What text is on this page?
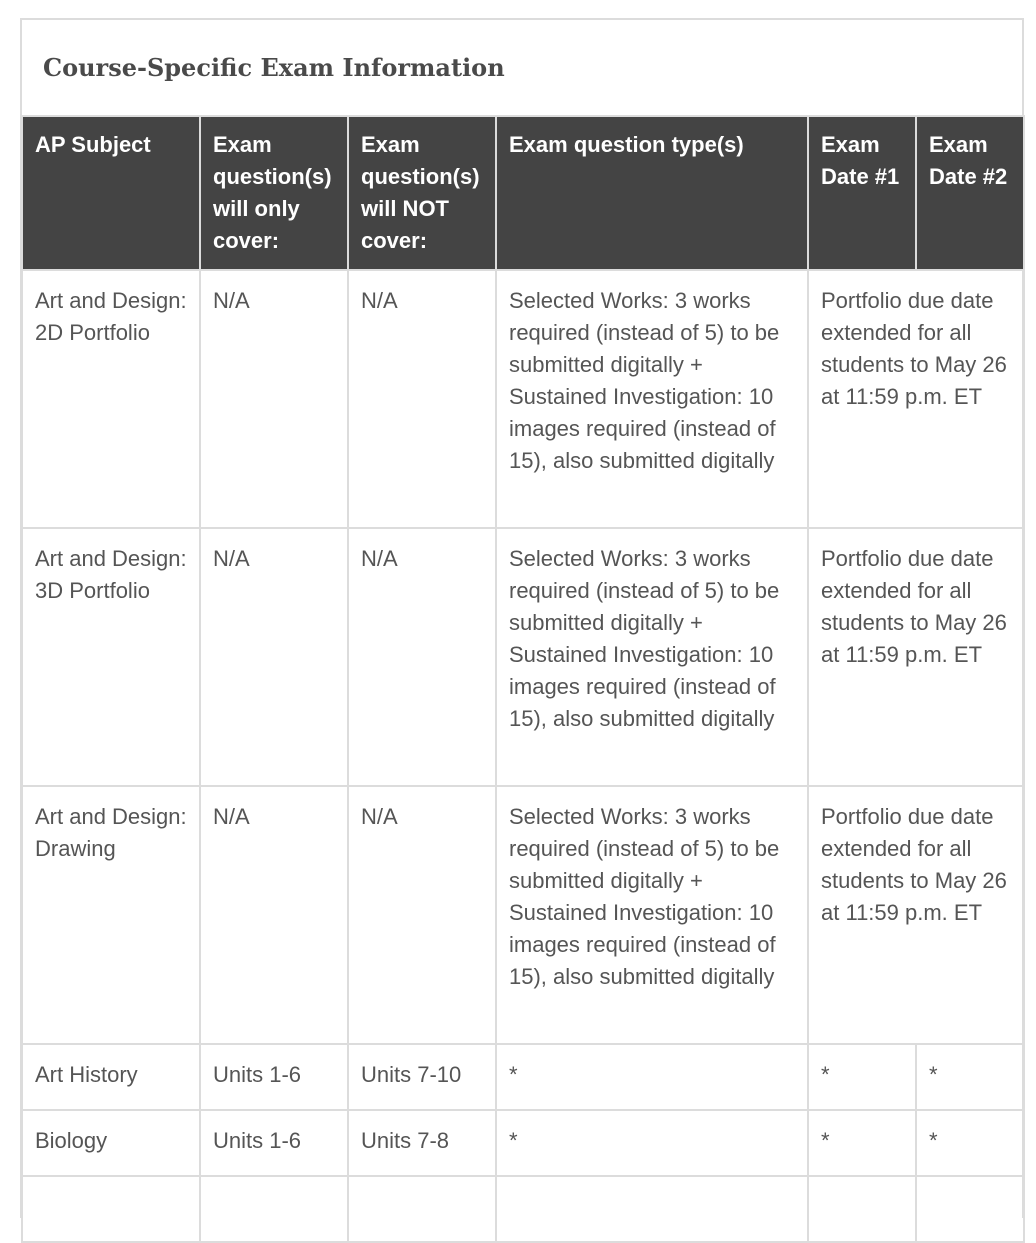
Course-Specific Exam Information
AP Subject	Exam question(s) will only cover:	Exam question(s) will NOT cover:	Exam question type(s)	Exam Date #1	Exam Date #2
Art and Design: 2D Portfolio	N/A	N/A	Selected Works: 3 works required (instead of 5) to be submitted digitally + Sustained Investigation: 10 images required (instead of 15), also submitted digitally	Portfolio due date extended for all students to May 26 at 11:59 p.m. ET	
Art and Design: 3D Portfolio	N/A	N/A	Selected Works: 3 works required (instead of 5) to be submitted digitally + Sustained Investigation: 10 images required (instead of 15), also submitted digitally	Portfolio due date extended for all students to May 26 at 11:59 p.m. ET	
Art and Design: Drawing	N/A	N/A	Selected Works: 3 works required (instead of 5) to be submitted digitally + Sustained Investigation: 10 images required (instead of 15), also submitted digitally	Portfolio due date extended for all students to May 26 at 11:59 p.m. ET	
Art History	Units 1-6	Units 7-10	*	*	*
Biology	Units 1-6	Units 7-8	*	*	*
